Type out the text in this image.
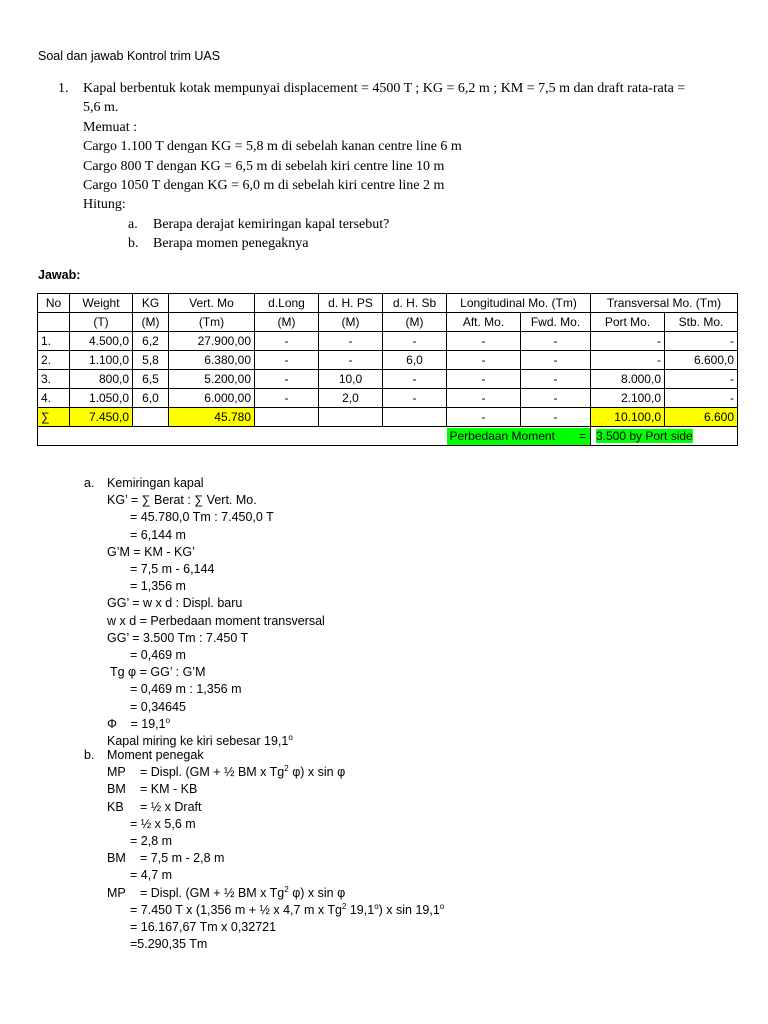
Soal dan jawab Kontrol trim UAS
1. Kapal berbentuk kotak mempunyai displacement = 4500 T ; KG = 6,2 m ; KM = 7,5 m dan draft rata-rata =
5,6 m.
Memuat :
Cargo 1.100 T dengan KG = 5,8 m di sebelah kanan centre line 6 m
Cargo 800 T dengan KG = 6,5 m di sebelah kiri centre line 10 m
Cargo 1050 T dengan KG = 6,0 m di sebelah kiri centre line 2 m
Hitung:
a. Berapa derajat kemiringan kapal tersebut?
b. Berapa momen penegaknya
Jawab:
No	Weight	KG	Vert. Mo	d.Long	d. H. PS	d. H. Sb	Longitudinal Mo. (Tm)		Transversal Mo. (Tm)	
	(T)	(M)	(Tm)	(M)	(M)	(M)	Aft. Mo.	Fwd. Mo.	Port Mo.	Stb. Mo.
1.	4.500,0	6,2	27.900,00	-	-	-	-	-	-	-
2.	1.100,0	5,8	6.380,00	-	-	6,0	-	-	-	6.600,0
3.	800,0	6,5	5.200,00	-	10,0	-	-	-	8.000,0	-
4.	1.050,0	6,0	6.000,00	-	2,0	-	-	-	2.100,0	-
∑	7.450,0		45.780				-	-	10.100,0	6.600
							Perbedaan Moment =		3.500 by Port side	
a. Kemiringan kapal
KG’ = ∑ Berat : ∑ Vert. Mo.
= 45.780,0 Tm : 7.450,0 T
= 6,144 m
G’M = KM - KG’
= 7,5 m - 6,144
= 1,356 m
GG’ = w x d : Displ. baru
w x d = Perbedaan moment transversal
GG’ = 3.500 Tm : 7.450 T
= 0,469 m
Tg φ = GG’ : G’M
= 0,469 m : 1,356 m
= 0,34645
$\Phi = 19,1^o$
Kapal miring ke kiri sebesar 19,1$^o$
b. Moment penegak
MP = Displ. (GM + ½ BM x Tg$^2$ φ) x sin φ
BM = KM - KB
KB = ½ x Draft
= ½ x 5,6 m
= 2,8 m
BM = 7,5 m - 2,8 m
= 4,7 m
MP = Displ. (GM + ½ BM x Tg$^2$ φ) x sin φ
= 7.450 T x (1,356 m + ½ x 4,7 m x Tg$^2$ 19,1$^o$) x $\sin 19,1^o$
= 16.167,67 Tm x 0,32721
=5.290,35 Tm
